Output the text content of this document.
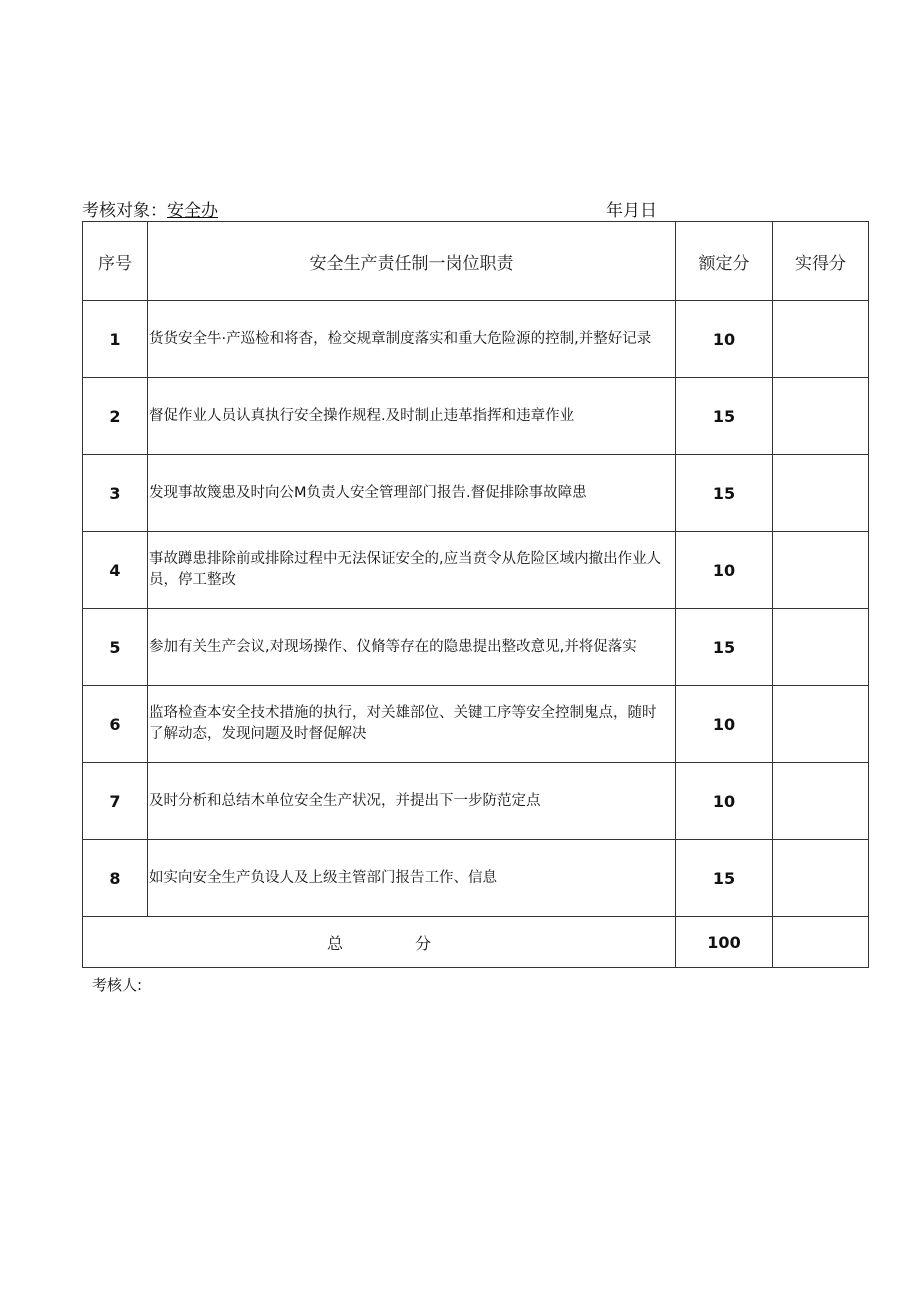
考核对象：安全办	年月日
序号	安全生产责任制一岗位职责	额定分	实得分
1	货货安全牛·产巡检和将杳，检交规章制度落实和重大危险源的控制,并整好记录	10	
2	督促作业人员认真执行安全操作规程.及时制止违革指挥和违章作业	15	
3	发现事故篾患及时向公M负责人安全管理部门报告.督促排除事故障患	15	
4	事故蹲患排除前或排除过程中无法保证安全的,应当贲令从危险区域内撤出作业人员，停工整改	10	
5	参加有关生产会议,对现场操作、仪脩等存在的隐患提出整改意见,并将促落实	15	
6	监珞检查本安全技术措施的执行，对关雄部位、关键工序等安全控制鬼点，随时了解动态，发现问题及时督促解决	10	
7	及时分析和总结木单位安全生产状况，并提出下一步防范定点	10	
8	如实向安全生产负设人及上级主管部门报告工作、信息	15	
总 分		100	
考核人:
